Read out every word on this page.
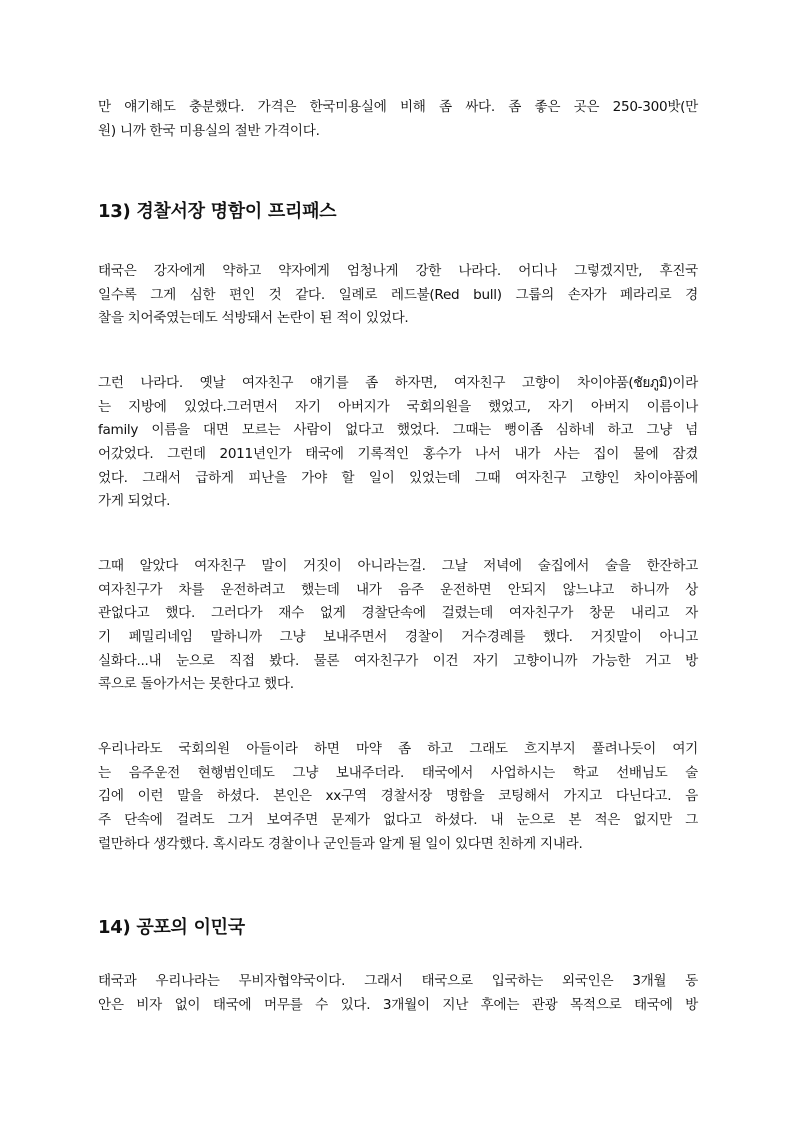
만 얘기해도 충분했다. 가격은 한국미용실에 비해 좀 싸다. 좀 좋은 곳은 250-300밧(만
원) 니까 한국 미용실의 절반 가격이다.
13) 경찰서장 명함이 프리패스
태국은 강자에게 약하고 약자에게 엄청나게 강한 나라다. 어디나 그렇겠지만, 후진국
일수록 그게 심한 편인 것 같다. 일례로 레드불(Red bull) 그룹의 손자가 페라리로 경
찰을 치어죽였는데도 석방돼서 논란이 된 적이 있었다.
그런 나라다. 옛날 여자친구 얘기를 좀 하자면, 여자친구 고향이 차이야품(ชัยภูมิ)이라
는 지방에 있었다.그러면서 자기 아버지가 국회의원을 했었고, 자기 아버지 이름이나
family 이름을 대면 모르는 사람이 없다고 했었다. 그때는 뻥이좀 심하네 하고 그냥 넘
어갔었다. 그런데 2011년인가 태국에 기록적인 홍수가 나서 내가 사는 집이 물에 잠겼
었다. 그래서 급하게 피난을 가야 할 일이 있었는데 그때 여자친구 고향인 차이야품에
가게 되었다.
그때 알았다 여자친구 말이 거짓이 아니라는걸. 그날 저녁에 술집에서 술을 한잔하고
여자친구가 차를 운전하려고 했는데 내가 음주 운전하면 안되지 않느냐고 하니까 상
관없다고 했다. 그러다가 재수 없게 경찰단속에 걸렸는데 여자친구가 창문 내리고 자
기 페밀리네임 말하니까 그냥 보내주면서 경찰이 거수경례를 했다. 거짓말이 아니고
실화다...내 눈으로 직접 봤다. 물론 여자친구가 이건 자기 고향이니까 가능한 거고 방
콕으로 돌아가서는 못한다고 했다.
우리나라도 국회의원 아들이라 하면 마약 좀 하고 그래도 흐지부지 풀려나듯이 여기
는 음주운전 현행범인데도 그냥 보내주더라. 태국에서 사업하시는 학교 선배님도 술
김에 이런 말을 하셨다. 본인은 xx구역 경찰서장 명함을 코팅해서 가지고 다닌다고. 음
주 단속에 걸려도 그거 보여주면 문제가 없다고 하셨다. 내 눈으로 본 적은 없지만 그
럴만하다 생각했다. 혹시라도 경찰이나 군인들과 알게 될 일이 있다면 친하게 지내라.
14) 공포의 이민국
태국과 우리나라는 무비자협약국이다. 그래서 태국으로 입국하는 외국인은 3개월 동
안은 비자 없이 태국에 머무를 수 있다. 3개월이 지난 후에는 관광 목적으로 태국에 방
